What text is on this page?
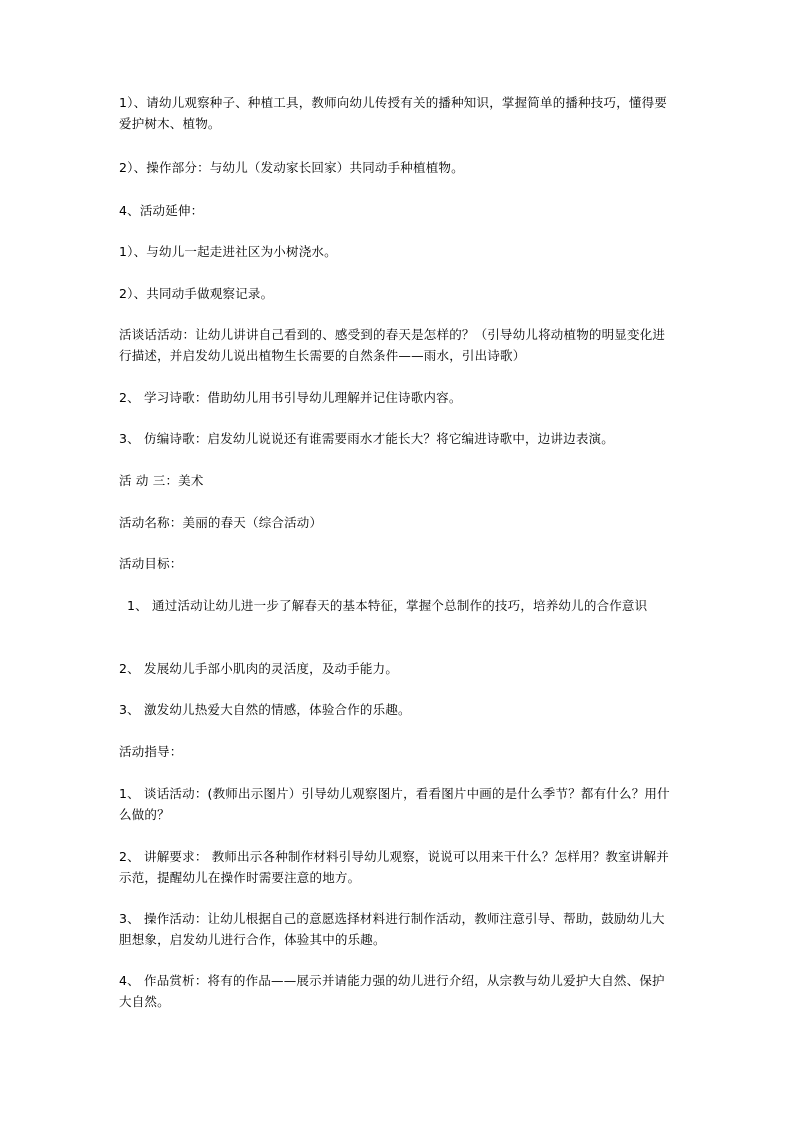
1）、请幼儿观察种子、种植工具，教师向幼儿传授有关的播种知识，掌握简单的播种技巧，懂得要爱护树木、植物。

2）、操作部分：与幼儿（发动家长回家）共同动手种植植物。

4、活动延伸：

1）、与幼儿一起走进社区为小树浇水。

2）、共同动手做观察记录。

活谈话活动：让幼儿讲讲自己看到的、感受到的春天是怎样的？（引导幼儿将动植物的明显变化进行描述，并启发幼儿说出植物生长需要的自然条件——雨水，引出诗歌）

2、 学习诗歌：借助幼儿用书引导幼儿理解并记住诗歌内容。

3、 仿编诗歌：启发幼儿说说还有谁需要雨水才能长大？将它编进诗歌中，边讲边表演。

活 动 三：美术

活动名称：美丽的春天（综合活动）

活动目标：

1、 通过活动让幼儿进一步了解春天的基本特征，掌握个总制作的技巧，培养幼儿的合作意识

2、 发展幼儿手部小肌肉的灵活度，及动手能力。

3、 激发幼儿热爱大自然的情感，体验合作的乐趣。

活动指导：

1、 谈话活动：(教师出示图片）引导幼儿观察图片，看看图片中画的是什么季节？都有什么？用什么做的？

2、 讲解要求： 教师出示各种制作材料引导幼儿观察，说说可以用来干什么？怎样用？教室讲解并示范，提醒幼儿在操作时需要注意的地方。

3、 操作活动：让幼儿根据自己的意愿选择材料进行制作活动，教师注意引导、帮助，鼓励幼儿大胆想象，启发幼儿进行合作，体验其中的乐趣。

4、 作品赏析：将有的作品——展示并请能力强的幼儿进行介绍，从宗教与幼儿爱护大自然、保护大自然。
